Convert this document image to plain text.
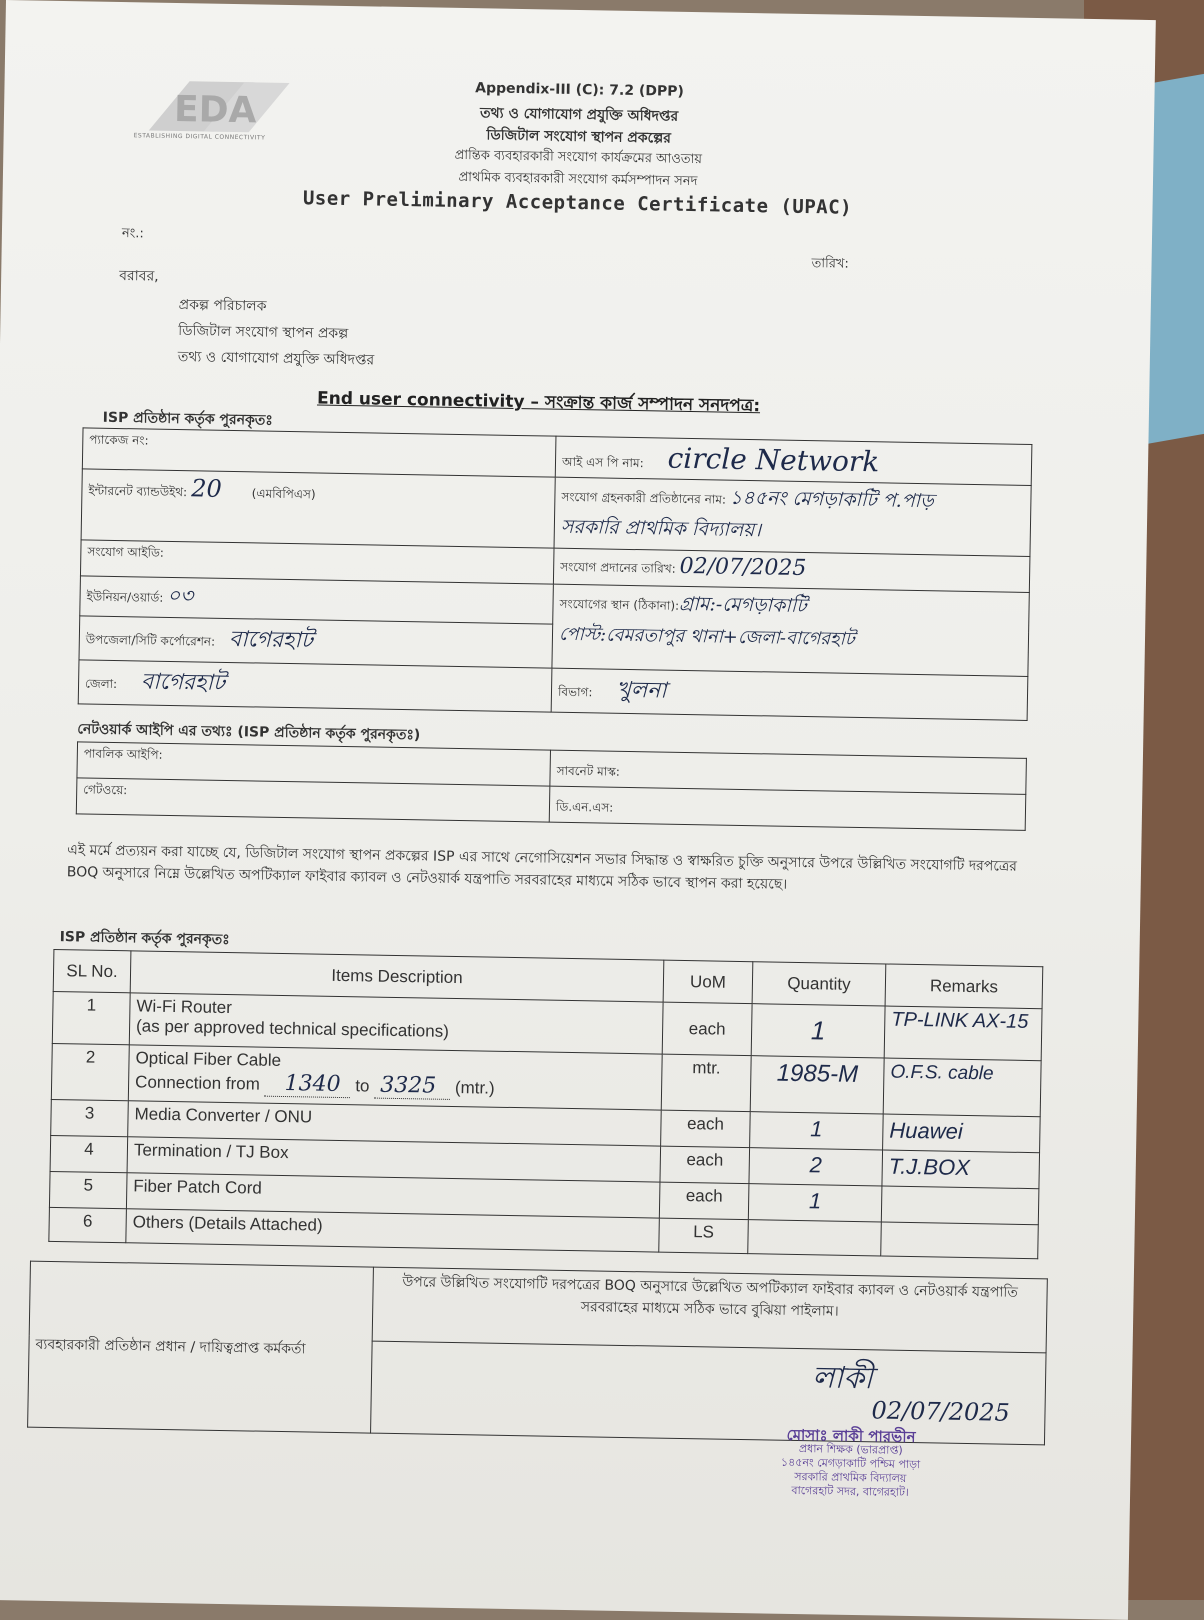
EDA
ESTABLISHING DIGITAL CONNECTIVITY
Appendix-III (C): 7.2 (DPP)
তথ্য ও যোগাযোগ প্রযুক্তি অধিদপ্তর
ডিজিটাল সংযোগ স্থাপন প্রকল্পের
প্রান্তিক ব্যবহারকারী সংযোগ কার্যক্রমের আওতায়
প্রাথমিক ব্যবহারকারী সংযোগ কর্মসম্পাদন সনদ
User Preliminary Acceptance Certificate (UPAC)
নং.:
তারিখ:
বরাবর,
প্রকল্প পরিচালক
ডিজিটাল সংযোগ স্থাপন প্রকল্প
তথ্য ও যোগাযোগ প্রযুক্তি অধিদপ্তর
End user connectivity – সংক্রান্ত কার্জ সম্পাদন সনদপত্র:
ISP প্রতিষ্ঠান কর্তৃক পুরনকৃতঃ
প্যাকেজ নং:	আই এস পি নাম: circle Network
ইন্টারনেট ব্যান্ডউইথ: 20 (এমবিপিএস)	সংযোগ গ্রহনকারী প্রতিষ্ঠানের নাম: ১৪৫নং মেগড়াকাটি প.পাড়
সরকারি প্রাথমিক বিদ্যালয়।
সংযোগ আইডি:	সংযোগ প্রদানের তারিখ: 02/07/2025
ইউনিয়ন/ওয়ার্ড: ০৩	সংযোগের স্থান (ঠিকানা):গ্রাম:-মেগড়াকাটি
পোস্ট:বেমরতাপুর থানা+জেলা-বাগেরহাট
উপজেলা/সিটি কর্পোরেশন: বাগেরহাট	
জেলা: বাগেরহাট	বিভাগ: খুলনা
নেটওয়ার্ক আইপি এর তথ্যঃ (ISP প্রতিষ্ঠান কর্তৃক পুরনকৃতঃ)
পাবলিক আইপি:	সাবনেট মাস্ক:
গেটওয়ে:	ডি.এন.এস:
এই মর্মে প্রত্যয়ন করা যাচ্ছে যে, ডিজিটাল সংযোগ স্থাপন প্রকল্পের ISP এর সাথে নেগোসিয়েশন সভার সিদ্ধান্ত ও স্বাক্ষরিত চুক্তি অনুসারে উপরে উল্লিখিত সংযোগটি দরপত্রের BOQ অনুসারে নিম্নে উল্লেখিত অপটিক্যাল ফাইবার ক্যাবল ও নেটওয়ার্ক যন্ত্রপাতি সরবরাহের মাধ্যমে সঠিক ভাবে স্থাপন করা হয়েছে।
ISP প্রতিষ্ঠান কর্তৃক পুরনকৃতঃ
SL No.	Items Description	UoM	Quantity	Remarks
1	Wi-Fi Router
(as per approved technical specifications)	each	1	TP-LINK AX-15
2	Optical Fiber Cable
Connection from 1340 to 3325 (mtr.)	mtr.	1985-M	O.F.S. cable
3	Media Converter / ONU	each	1	Huawei
4	Termination / TJ Box	each	2	T.J.BOX
5	Fiber Patch Cord	each	1	
6	Others (Details Attached)	LS		
ব্যবহারকারী প্রতিষ্ঠান প্রধান / দায়িত্বপ্রাপ্ত কর্মকর্তা	উপরে উল্লিখিত সংযোগটি দরপত্রের BOQ অনুসারে উল্লেখিত অপটিক্যাল ফাইবার ক্যাবল ও নেটওয়ার্ক যন্ত্রপাতি সরবরাহের মাধ্যমে সঠিক ভাবে বুঝিয়া পাইলাম।

লাকী
02/07/2025
মোসাঃ লাকী পারভীন
প্রধান শিক্ষক (ভারপ্রাপ্ত)
১৪৫নং মেগড়াকাটি পশ্চিম পাড়া
সরকারি প্রাথমিক বিদ্যালয়
বাগেরহাট সদর, বাগেরহাট।
